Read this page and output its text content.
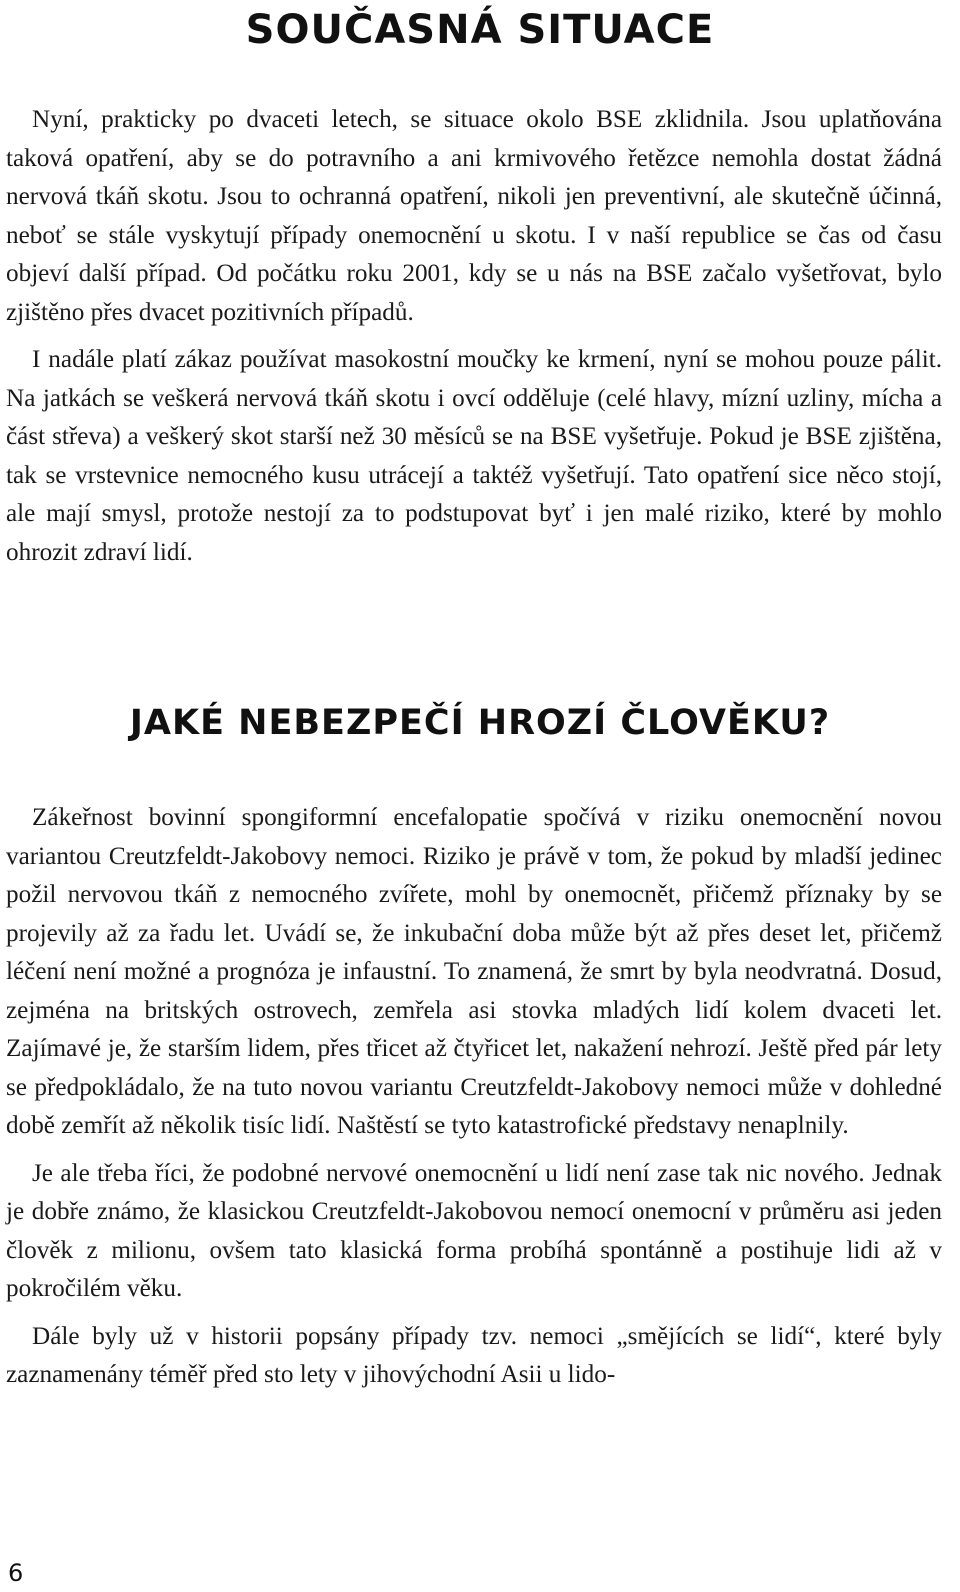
SOUČASNÁ SITUACE

Nyní, prakticky po dvaceti letech, se situace okolo BSE zklidnila. Jsou uplatňována taková opatření, aby se do potravního a ani krmivového řetězce nemohla dostat žádná nervová tkáň skotu. Jsou to ochranná opatření, nikoli jen preventivní, ale skutečně účinná, neboť se stále vyskytují případy onemocnění u skotu. I v naší republice se čas od času objeví další případ. Od počátku roku 2001, kdy se u nás na BSE začalo vyšetřovat, bylo zjištěno přes dvacet pozitivních případů.

I nadále platí zákaz používat masokostní moučky ke krmení, nyní se mohou pouze pálit. Na jatkách se veškerá nervová tkáň skotu i ovcí odděluje (celé hlavy, mízní uzliny, mícha a část střeva) a veškerý skot starší než 30 měsíců se na BSE vyšetřuje. Pokud je BSE zjištěna, tak se vrstevnice nemocného kusu utrácejí a taktéž vyšetřují. Tato opatření sice něco stojí, ale mají smysl, protože nestojí za to podstupovat byť i jen malé riziko, které by mohlo ohrozit zdraví lidí.

JAKÉ NEBEZPEČÍ HROZÍ ČLOVĚKU?

Zákeřnost bovinní spongiformní encefalopatie spočívá v riziku onemocnění novou variantou Creutzfeldt-Jakobovy nemoci. Riziko je právě v tom, že pokud by mladší jedinec požil nervovou tkáň z nemocného zvířete, mohl by onemocnět, přičemž příznaky by se projevily až za řadu let. Uvádí se, že inkubační doba může být až přes deset let, přičemž léčení není možné a prognóza je infaustní. To znamená, že smrt by byla neodvratná. Dosud, zejména na britských ostrovech, zemřela asi stovka mladých lidí kolem dvaceti let. Zajímavé je, že starším lidem, přes třicet až čtyřicet let, nakažení nehrozí. Ještě před pár lety se předpokládalo, že na tuto novou variantu Creutzfeldt-Jakobovy nemoci může v dohledné době zemřít až několik tisíc lidí. Naštěstí se tyto katastrofické představy nenaplnily.

Je ale třeba říci, že podobné nervové onemocnění u lidí není zase tak nic nového. Jednak je dobře známo, že klasickou Creutzfeldt-Jakobovou nemocí onemocní v průměru asi jeden člověk z milionu, ovšem tato klasická forma probíhá spontánně a postihuje lidi až v pokročilém věku.

Dále byly už v historii popsány případy tzv. nemoci „smějících se lidí“, které byly zaznamenány téměř před sto lety v jihovýchodní Asii u lido-

6
